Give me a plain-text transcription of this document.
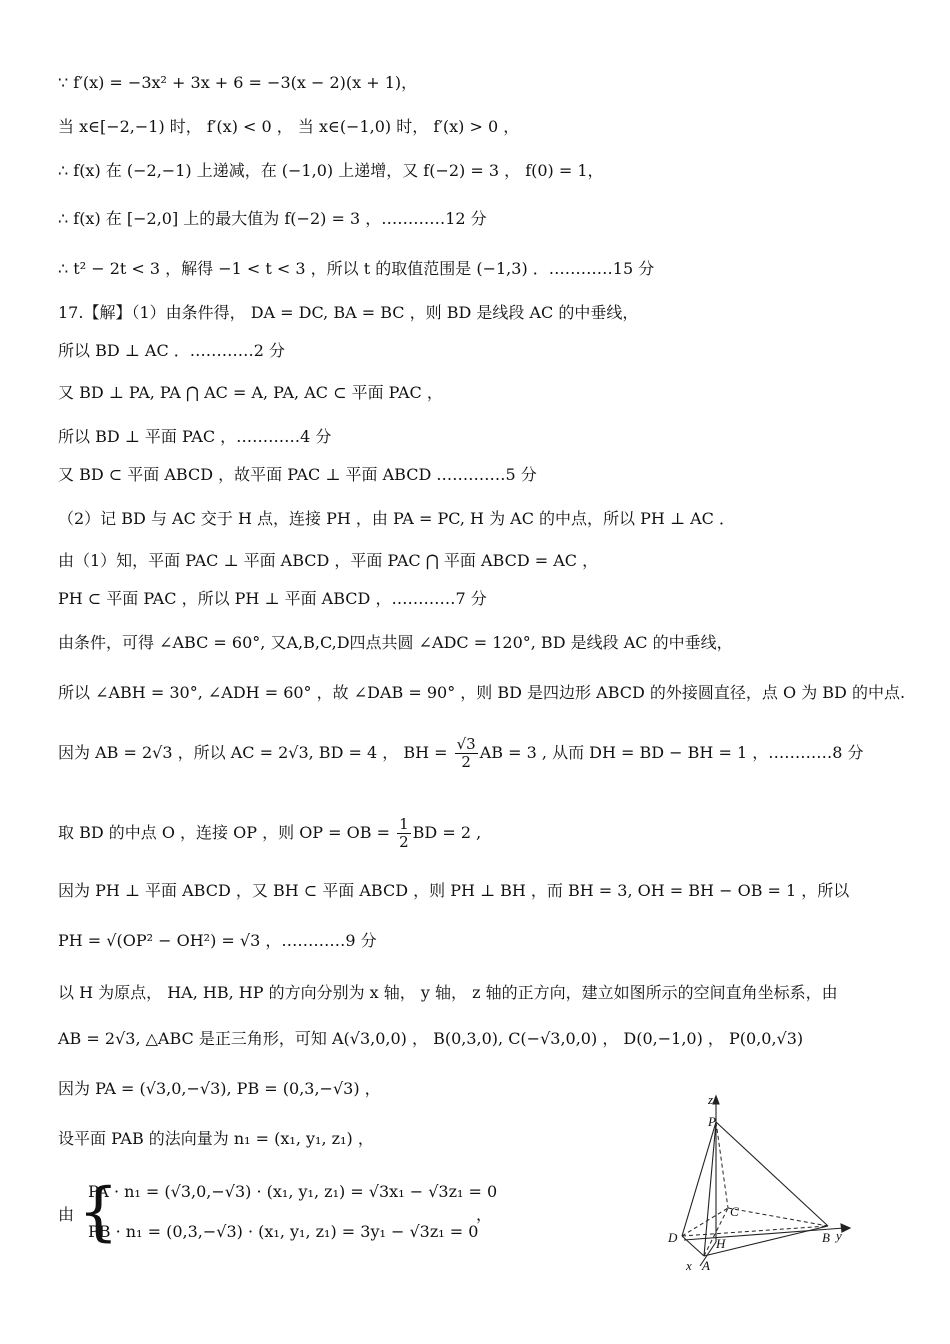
∵ f′(x) = −3x² + 3x + 6 = −3(x − 2)(x + 1)，
当 x∈[−2,−1) 时， f′(x) < 0 ， 当 x∈(−1,0) 时， f′(x) > 0 ，
∴ f(x) 在 (−2,−1) 上递减，在 (−1,0) 上递增，又 f(−2) = 3 ， f(0) = 1，
∴ f(x) 在 [−2,0] 上的最大值为 f(−2) = 3 ，…………12 分
∴ t² − 2t < 3 ，解得 −1 < t < 3 ，所以 t 的取值范围是 (−1,3) ．…………15 分
17.【解】（1）由条件得， DA = DC, BA = BC ，则 BD 是线段 AC 的中垂线，
所以 BD ⊥ AC ．…………2 分
又 BD ⊥ PA, PA ⋂ AC = A, PA, AC ⊂ 平面 PAC ，
所以 BD ⊥ 平面 PAC ，…………4 分
又 BD ⊂ 平面 ABCD ，故平面 PAC ⊥ 平面 ABCD .…………5 分
（2）记 BD 与 AC 交于 H 点，连接 PH ，由 PA = PC, H 为 AC 的中点，所以 PH ⊥ AC ．
由（1）知，平面 PAC ⊥ 平面 ABCD ，平面 PAC ⋂ 平面 ABCD = AC ，
PH ⊂ 平面 PAC ，所以 PH ⊥ 平面 ABCD ，…………7 分
由条件，可得 ∠ABC = 60°, 又A,B,C,D四点共圆 ∠ADC = 120°, BD 是线段 AC 的中垂线，
所以 ∠ABH = 30°, ∠ADH = 60° ，故 ∠DAB = 90° ，则 BD 是四边形 ABCD 的外接圆直径，点 O 为 BD 的中点.
因为 AB = 2√3 ，所以 AC = 2√3, BD = 4 ， BH = $\frac{√3}{2}$ AB = 3 , 从而 DH = BD − BH = 1 ，…………8 分
取 BD 的中点 O ，连接 OP ，则 OP = OB = $\frac{1}{2}$ BD = 2 ,
因为 PH ⊥ 平面 ABCD ，又 BH ⊂ 平面 ABCD ，则 PH ⊥ BH ，而 BH = 3, OH = BH − OB = 1 ，所以
PH = √(OP² − OH²) = √3 ，…………9 分
以 H 为原点， HA, HB, HP 的方向分别为 x 轴， y 轴， z 轴的正方向，建立如图所示的空间直角坐标系，由
AB = 2√3, △ABC 是正三角形，可知 A(√3,0,0) ， B(0,3,0), C(−√3,0,0) ， D(0,−1,0) ， P(0,0,√3)
因为 PA = (√3,0,−√3), PB = (0,3,−√3) ，
设平面 PAB 的法向量为 n₁ = (x₁, y₁, z₁) ，
由 {
PA · n₁ = (√3,0,−√3) · (x₁, y₁, z₁) = √3x₁ − √3z₁ = 0
PB · n₁ = (0,3,−√3) · (x₁, y₁, z₁) = 3y₁ − √3z₁ = 0
，
z
P
C
D	H	B y
x A
